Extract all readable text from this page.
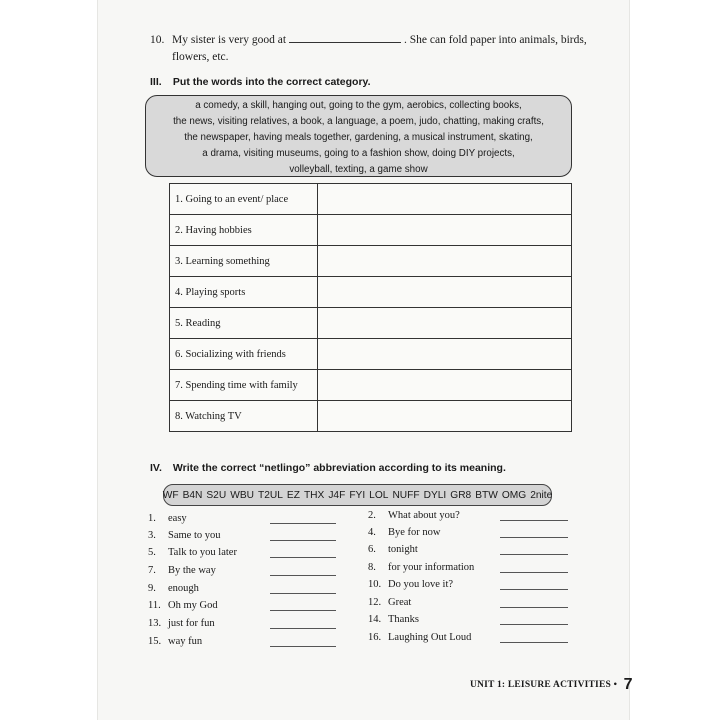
10. My sister is very good at	. She can fold paper into animals, birds, flowers, etc.
III. Put the words into the correct category.
a comedy, a skill, hanging out, going to the gym, aerobics, collecting books,
the news, visiting relatives, a book, a language, a poem, judo, chatting, making crafts,
the newspaper, having meals together, gardening, a musical instrument, skating,
a drama, visiting museums, going to a fashion show, doing DIY projects,
volleyball, texting, a game show
1. Going to an event/ place	
2. Having hobbies	
3. Learning something	
4. Playing sports	
5. Reading	
6. Socializing with friends	
7. Spending time with family	
8. Watching TV	
IV. Write the correct “netlingo” abbreviation according to its meaning.
WF B4N S2U WBU T2UL EZ THX J4F FYI LOL NUFF DYLI GR8 BTW OMG 2nite
1. easy
3. Same to you
5. Talk to you later
7. By the way
9. enough
11. Oh my God
13. just for fun
15. way fun
2. What about you?
4. Bye for now
6. tonight
8. for your information
10. Do you love it?
12. Great
14. Thanks
16. Laughing Out Loud
UNIT 1: LEISURE ACTIVITIES • 7
